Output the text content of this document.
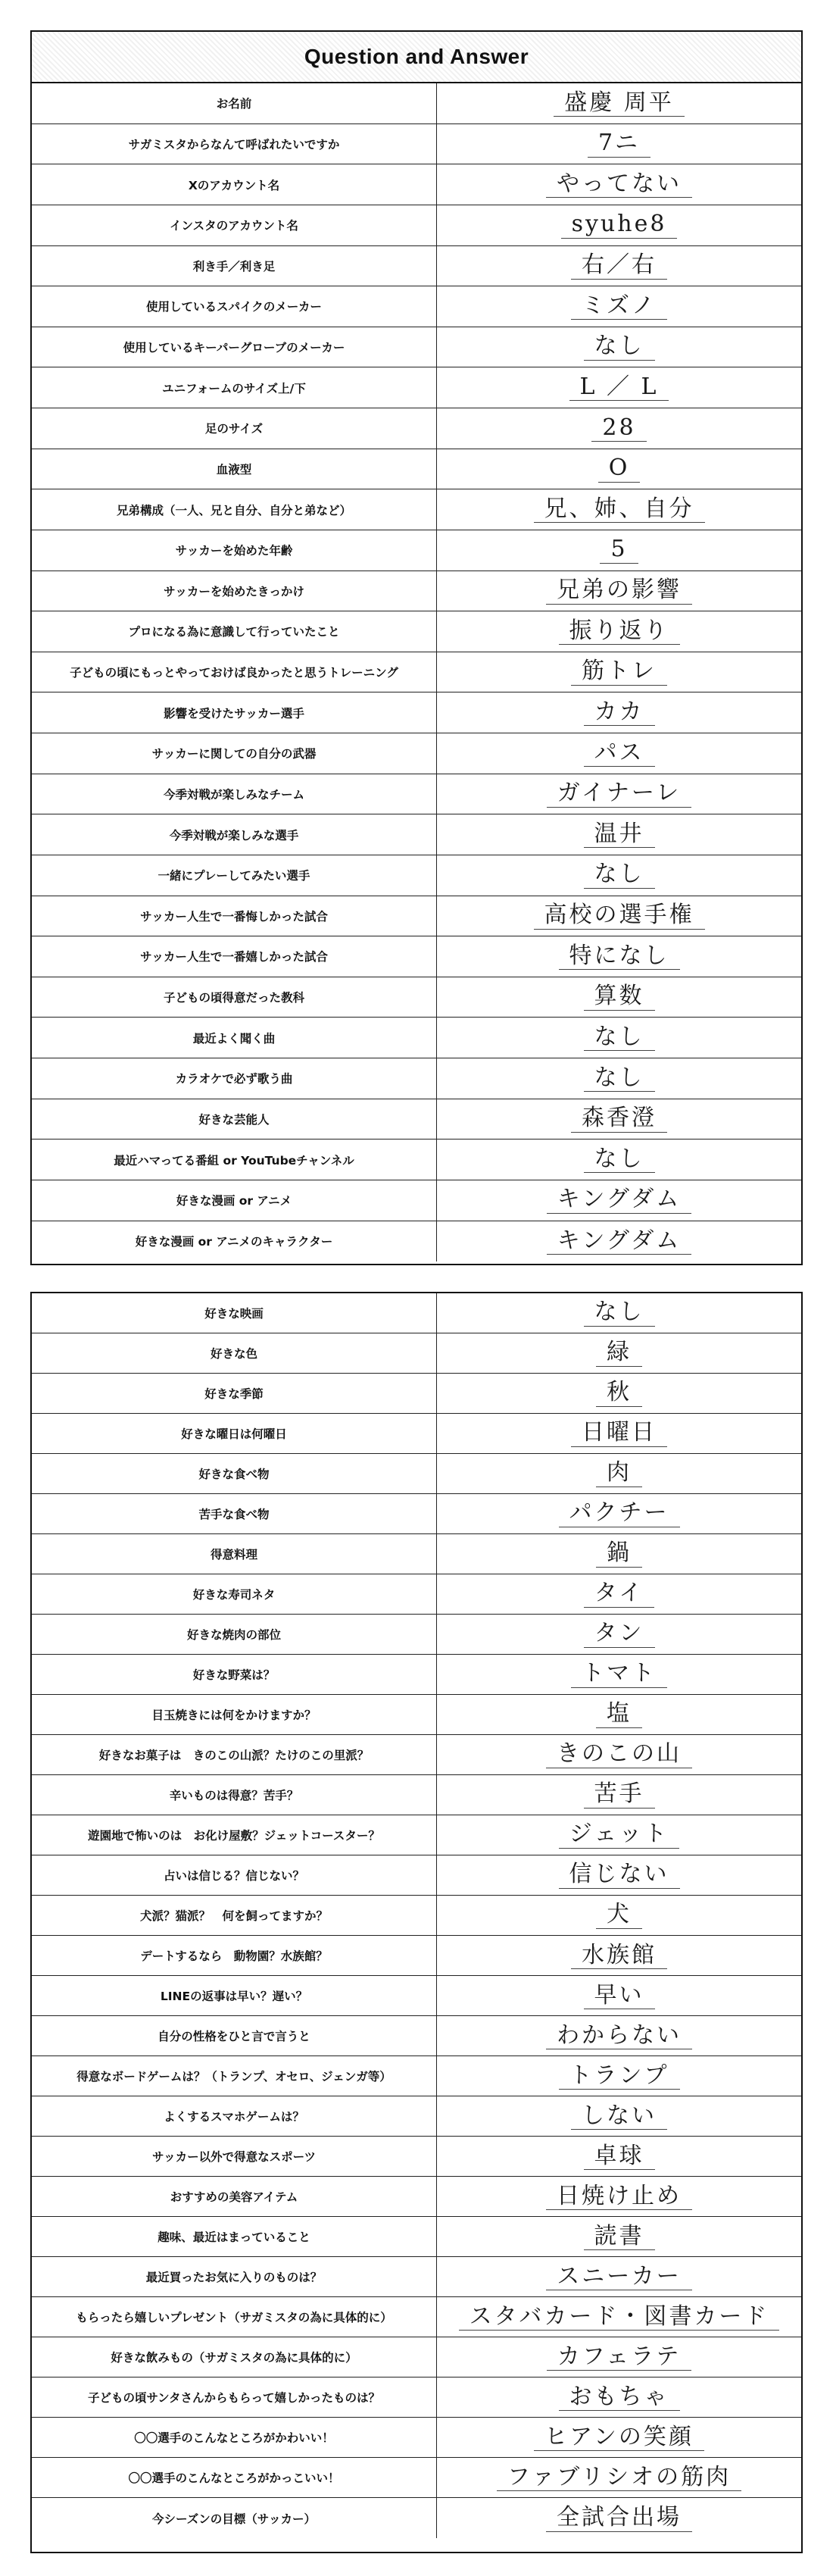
Question and Answer
お名前	盛慶 周平
サガミスタからなんて呼ばれたいですか	7ニ
Xのアカウント名	やってない
インスタのアカウント名	syuhe8
利き手／利き足	右／右
使用しているスパイクのメーカー	ミズノ
使用しているキーパーグローブのメーカー	なし
ユニフォームのサイズ上/下	L ／ L
足のサイズ	28
血液型	O
兄弟構成（一人、兄と自分、自分と弟など）	兄、姉、自分
サッカーを始めた年齢	5
サッカーを始めたきっかけ	兄弟の影響
プロになる為に意識して行っていたこと	振り返り
子どもの頃にもっとやっておけば良かったと思うトレーニング	筋トレ
影響を受けたサッカー選手	カカ
サッカーに関しての自分の武器	パス
今季対戦が楽しみなチーム	ガイナーレ
今季対戦が楽しみな選手	温井
一緒にプレーしてみたい選手	なし
サッカー人生で一番悔しかった試合	高校の選手権
サッカー人生で一番嬉しかった試合	特になし
子どもの頃得意だった教科	算数
最近よく聞く曲	なし
カラオケで必ず歌う曲	なし
好きな芸能人	森香澄
最近ハマってる番組 or YouTubeチャンネル	なし
好きな漫画 or アニメ	キングダム
好きな漫画 or アニメのキャラクター	キングダム
好きな映画	なし
好きな色	緑
好きな季節	秋
好きな曜日は何曜日	日曜日
好きな食べ物	肉
苦手な食べ物	パクチー
得意料理	鍋
好きな寿司ネタ	タイ
好きな焼肉の部位	タン
好きな野菜は？	トマト
目玉焼きには何をかけますか？	塩
好きなお菓子は　きのこの山派？たけのこの里派？	きのこの山
辛いものは得意？苦手？	苦手
遊園地で怖いのは　お化け屋敷？ジェットコースター？	ジェット
占いは信じる？信じない？	信じない
犬派？猫派？　何を飼ってますか？	犬
デートするなら　動物園？水族館？	水族館
LINEの返事は早い？遅い？	早い
自分の性格をひと言で言うと	わからない
得意なボードゲームは？（トランプ、オセロ、ジェンガ等）	トランプ
よくするスマホゲームは？	しない
サッカー以外で得意なスポーツ	卓球
おすすめの美容アイテム	日焼け止め
趣味、最近はまっていること	読書
最近買ったお気に入りのものは？	スニーカー
もらったら嬉しいプレゼント（サガミスタの為に具体的に）	スタバカード・図書カード
好きな飲みもの（サガミスタの為に具体的に）	カフェラテ
子どもの頃サンタさんからもらって嬉しかったものは？	おもちゃ
〇〇選手のこんなところがかわいい！	ヒアンの笑顔
〇〇選手のこんなところがかっこいい！	ファブリシオの筋肉
今シーズンの目標（サッカー）	全試合出場
